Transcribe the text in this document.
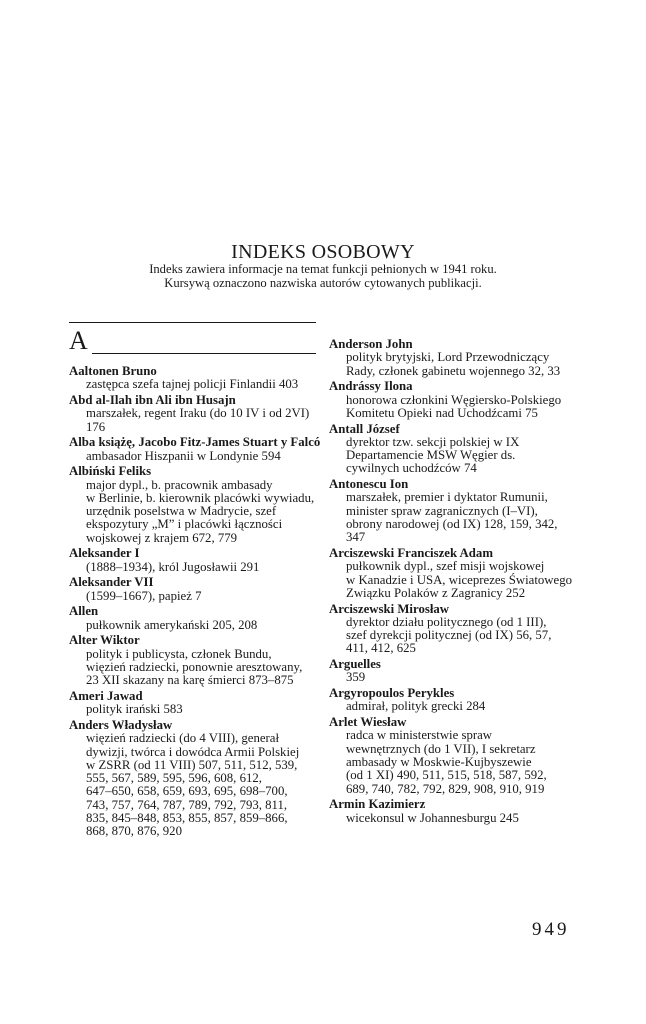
INDEKS OSOBOWY
Indeks zawiera informacje na temat funkcji pełnionych w 1941 roku.
Kursywą oznaczono nazwiska autorów cytowanych publikacji.
A
Aaltonen Bruno
zastępca szefa tajnej policji Finlandii 403
Abd al-Ilah ibn Ali ibn Husajn
marszałek, regent Iraku (do 10 IV i od 2VI)
176
Alba książę, Jacobo Fitz-James Stuart y Falcó
ambasador Hiszpanii w Londynie 594
Albiński Feliks
major dypl., b. pracownik ambasady
w Berlinie, b. kierownik placówki wywiadu,
urzędnik poselstwa w Madrycie, szef
ekspozytury „M” i placówki łączności
wojskowej z krajem 672, 779
Aleksander I
(1888–1934), król Jugosławii 291
Aleksander VII
(1599–1667), papież 7
Allen
pułkownik amerykański 205, 208
Alter Wiktor
polityk i publicysta, członek Bundu,
więzień radziecki, ponownie aresztowany,
23 XII skazany na karę śmierci 873–875
Ameri Jawad
polityk irański 583
Anders Władysław
więzień radziecki (do 4 VIII), generał
dywizji, twórca i dowódca Armii Polskiej
w ZSRR (od 11 VIII) 507, 511, 512, 539,
555, 567, 589, 595, 596, 608, 612,
647–650, 658, 659, 693, 695, 698–700,
743, 757, 764, 787, 789, 792, 793, 811,
835, 845–848, 853, 855, 857, 859–866,
868, 870, 876, 920
Anderson John
polityk brytyjski, Lord Przewodniczący
Rady, członek gabinetu wojennego 32, 33
Andrássy Ilona
honorowa członkini Węgiersko-Polskiego
Komitetu Opieki nad Uchodźcami 75
Antall József
dyrektor tzw. sekcji polskiej w IX
Departamencie MSW Węgier ds.
cywilnych uchodźców 74
Antonescu Ion
marszałek, premier i dyktator Rumunii,
minister spraw zagranicznych (I–VI),
obrony narodowej (od IX) 128, 159, 342,
347
Arciszewski Franciszek Adam
pułkownik dypl., szef misji wojskowej
w Kanadzie i USA, wiceprezes Światowego
Związku Polaków z Zagranicy 252
Arciszewski Mirosław
dyrektor działu politycznego (od 1 III),
szef dyrekcji politycznej (od IX) 56, 57,
411, 412, 625
Arguelles
359
Argyropoulos Perykles
admirał, polityk grecki 284
Arlet Wiesław
radca w ministerstwie spraw
wewnętrznych (do 1 VII), I sekretarz
ambasady w Moskwie-Kujbyszewie
(od 1 XI) 490, 511, 515, 518, 587, 592,
689, 740, 782, 792, 829, 908, 910, 919
Armin Kazimierz
wicekonsul w Johannesburgu 245
949
